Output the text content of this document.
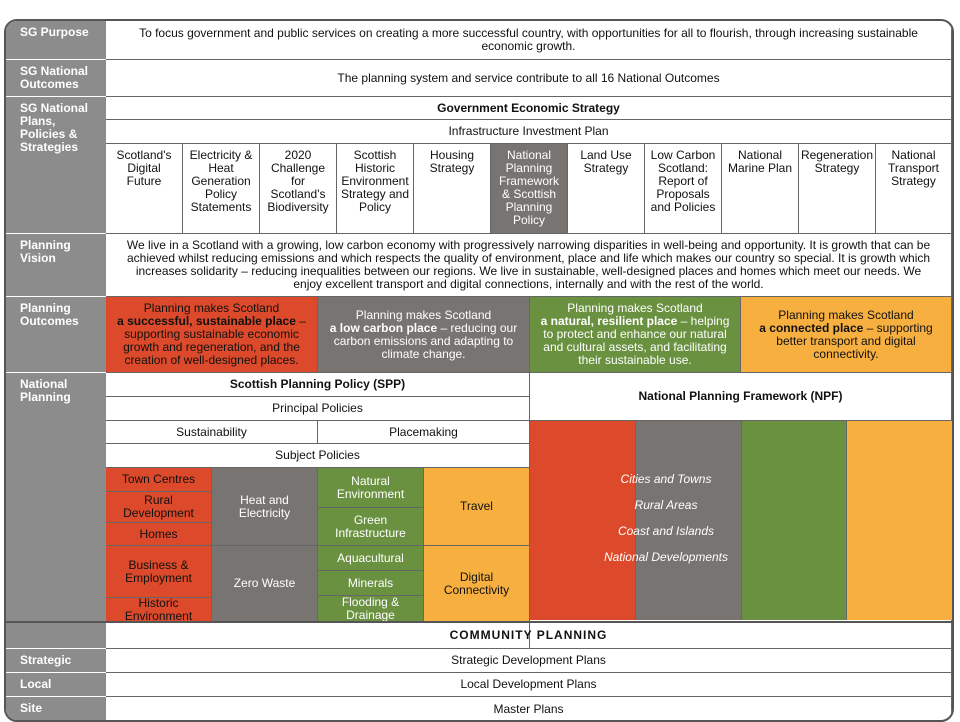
SG Purpose
SG National
Outcomes
SG National
Plans,
Policies &
Strategies
Planning
Vision
Planning
Outcomes
National
Planning
Strategic
Local
Site
To focus government and public services on creating a more successful country, with opportunities for all to flourish, through increasing sustainable economic growth.
The planning system and service contribute to all 16 National Outcomes
Government Economic Strategy
Infrastructure Investment Plan
Scotland's Digital Future
Electricity & Heat Generation Policy Statements
2020 Challenge for Scotland's Biodiversity
Scottish Historic Environment Strategy and Policy
Housing Strategy
National Planning Framework & Scottish Planning Policy
Land Use Strategy
Low Carbon Scotland: Report of Proposals and Policies
National Marine Plan
Regeneration Strategy
National Transport Strategy
We live in a Scotland with a growing, low carbon economy with progressively narrowing disparities in well-being and opportunity. It is growth that can be achieved whilst reducing emissions and which respects the quality of environment, place and life which makes our country so special. It is growth which increases solidarity – reducing inequalities between our regions. We live in sustainable, well-designed places and homes which meet our needs. We enjoy excellent transport and digital connections, internally and with the rest of the world.
Planning makes Scotland
a successful, sustainable place – supporting sustainable economic growth and regeneration, and the creation of well-designed places.
Planning makes Scotland
a low carbon place – reducing our carbon emissions and adapting to climate change.
Planning makes Scotland
a natural, resilient place – helping to protect and enhance our natural and cultural assets, and facilitating their sustainable use.
Planning makes Scotland
a connected place – supporting better transport and digital connectivity.
Scottish Planning Policy (SPP)
Principal Policies
Sustainability	Placemaking
Subject Policies
Town Centres
Rural Development
Homes
Business & Employment
Historic Environment
Heat and Electricity
Zero Waste
Natural Environment
Green Infrastructure
Aquacultural
Minerals
Flooding & Drainage
Travel
Digital Connectivity
National Planning Framework (NPF)
Cities and Towns
Rural Areas
Coast and Islands
National Developments
COMMUNITY PLANNING
Strategic Development Plans
Local Development Plans
Master Plans
